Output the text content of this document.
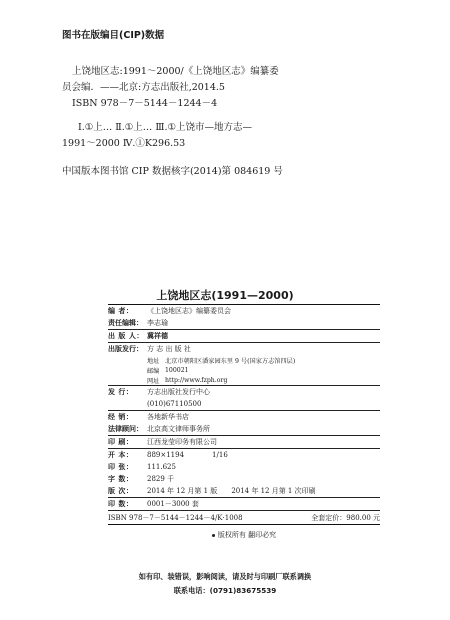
图书在版编目(CIP)数据
上饶地区志:1991～2000/《上饶地区志》编纂委
员会编．——北京:方志出版社,2014.5
ISBN 978－7－5144－1244－4
Ⅰ.①上… Ⅱ.①上… Ⅲ.①上饶市—地方志—
1991～2000 Ⅳ.①K296.53
中国版本图书馆 CIP 数据核字(2014)第 084619 号
上饶地区志(1991—2000)
编 者：	《上饶地区志》编纂委员会
责任编辑： 李志瑜
出 版 人： 冀祥德
出版发行： 方 志 出 版 社
地址 北京市朝阳区潘家园东里 9 号(国家方志馆四层)
邮编 100021
网址 http://www.fzph.org
发 行：	方志出版社发行中心
(010)67110500
经 销：	各地新华书店
法律顾问： 北京高文律师事务所
印 刷：	江西龙莹印务有限公司
开 本：	889×1194	1/16
印 张：	111.625
字 数：	2829 千
版 次：	2014 年 12 月第 1 版 2014 年 12 月第 1 次印刷
印 数：	0001－3000 套
ISBN 978－7－5144－1244－4/K·1008	全套定价：980.00 元
版权所有 翻印必究
如有印、装错误，影响阅读，请及时与印刷厂联系调换
联系电话：(0791)83675539
